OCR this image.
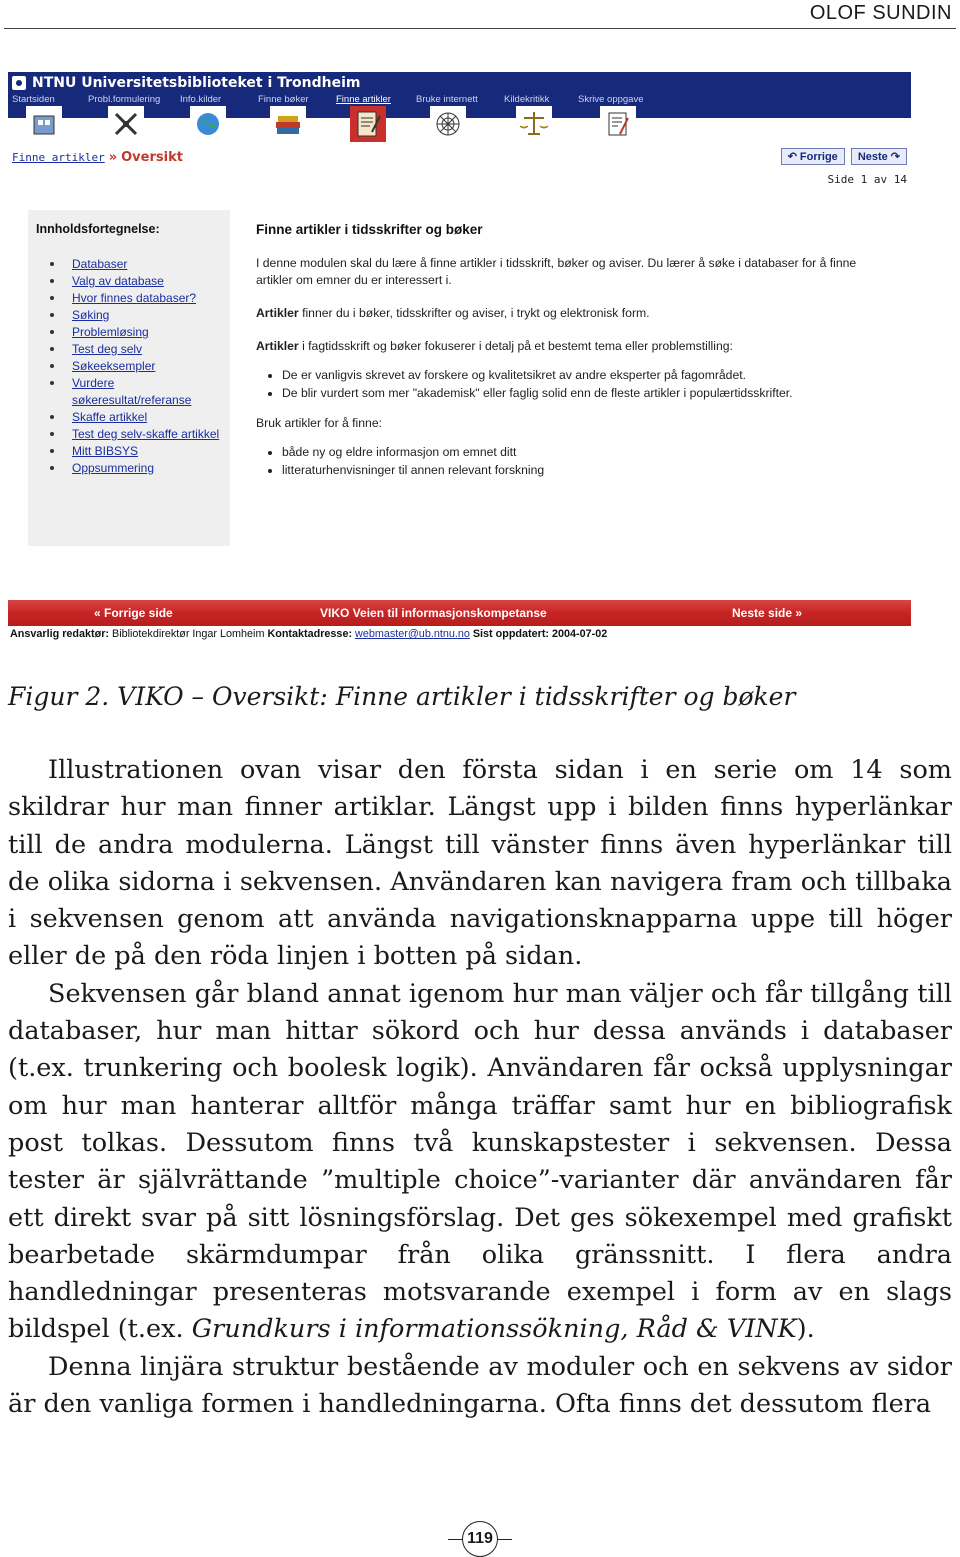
OLOF SUNDIN
NTNU Universitetsbiblioteket i Trondheim
Startsiden	Probl.formulering Info.kilder	Finne bøker	Finne artikler	Bruke internett	Kildekritikk	Skrive oppgave
Finne artikler » Oversikt	↶ Forrige Neste ↷
Side 1 av 14
Innholdsfortegnelse:
Databaser
Valg av database
Hvor finnes databaser?
Søking
Problemløsing
Test deg selv
Søkeeksempler
Vurdere søkeresultat/referanse
Skaffe artikkel
Test deg selv-skaffe artikkel
Mitt BIBSYS
Oppsummering
Finne artikler i tidsskrifter og bøker

I denne modulen skal du lære å finne artikler i tidsskrift, bøker og aviser. Du lærer å søke i databaser for å finne artikler om emner du er interessert i.

Artikler finner du i bøker, tidsskrifter og aviser, i trykt og elektronisk form.

Artikler i fagtidsskrift og bøker fokuserer i detalj på et bestemt tema eller problemstilling:

• De er vanligvis skrevet av forskere og kvalitetsikret av andre eksperter på fagområdet.
• De blir vurdert som mer "akademisk" eller faglig solid enn de fleste artikler i populærtidsskrifter.

Bruk artikler for å finne:

• både ny og eldre informasjon om emnet ditt
• litteraturhenvisninger til annen relevant forskning
« Forrige side	VIKO Veien til informasjonskompetanse	Neste side »
Ansvarlig redaktør: Bibliotekdirektør Ingar Lomheim Kontaktadresse: webmaster@ub.ntnu.no Sist oppdatert: 2004-07-02
Figur 2. VIKO – Oversikt: Finne artikler i tidsskrifter og bøker

Illustrationen ovan visar den första sidan i en serie om 14 som skildrar hur man finner artiklar. Längst upp i bilden finns hyperlänkar till de andra modulerna. Längst till vänster finns även hyperlänkar till de olika sidorna i sekvensen. Användaren kan navigera fram och tillbaka i sekvensen genom att använda navigationsknapparna uppe till höger eller de på den röda linjen i botten på sidan.

Sekvensen går bland annat igenom hur man väljer och får tillgång till databaser, hur man hittar sökord och hur dessa används i databaser (t.ex. trunkering och boolesk logik). Användaren får också upplysningar om hur man hanterar alltför många träffar samt hur en bibliografisk post tolkas. Dessutom finns två kunskapstester i sekvensen. Dessa tester är självrättande ”multiple choice”-varianter där användaren får ett direkt svar på sitt lösningsförslag. Det ges sökexempel med grafiskt bearbetade skärmdumpar från olika gränssnitt. I flera andra handledningar presenteras motsvarande exempel i form av en slags bildspel (t.ex. Grundkurs i informationssökning, Råd & VINK).

Denna linjära struktur bestående av moduler och en sekvens av sidor är den vanliga formen i handledningarna. Ofta finns det dessutom flera

119
